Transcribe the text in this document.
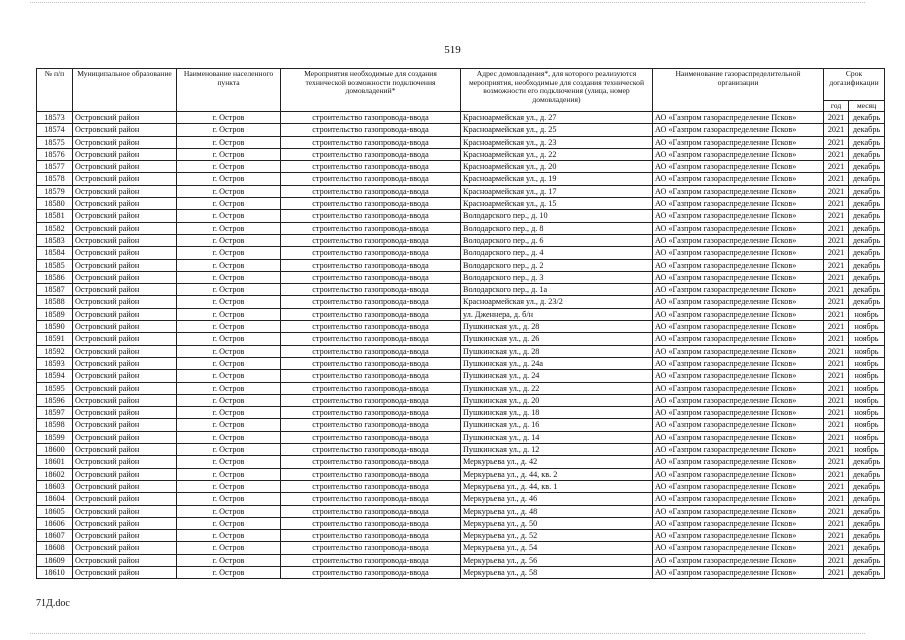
519
№ п/п	Муниципальное образование	Наименование населенного пункта	Мероприятия необходимые для создания технической возможности подключения домовладений*	Адрес домовладения*, для которого реализуются мероприятия, необходимые для создания технической возможности его подключения (улица, номер домовладения)	Наименование газораспределительной организации	Срок догазификации	
						год	месяц
18573	Островский район	г. Остров	строительство газопровода-ввода	Красноармейская ул., д. 27	АО «Газпром газораспределение Псков»	2021	декабрь
18574	Островский район	г. Остров	строительство газопровода-ввода	Красноармейская ул., д. 25	АО «Газпром газораспределение Псков»	2021	декабрь
18575	Островский район	г. Остров	строительство газопровода-ввода	Красноармейская ул., д. 23	АО «Газпром газораспределение Псков»	2021	декабрь
18576	Островский район	г. Остров	строительство газопровода-ввода	Красноармейская ул., д. 22	АО «Газпром газораспределение Псков»	2021	декабрь
18577	Островский район	г. Остров	строительство газопровода-ввода	Красноармейская ул., д. 20	АО «Газпром газораспределение Псков»	2021	декабрь
18578	Островский район	г. Остров	строительство газопровода-ввода	Красноармейская ул., д. 19	АО «Газпром газораспределение Псков»	2021	декабрь
18579	Островский район	г. Остров	строительство газопровода-ввода	Красноармейская ул., д. 17	АО «Газпром газораспределение Псков»	2021	декабрь
18580	Островский район	г. Остров	строительство газопровода-ввода	Красноармейская ул., д. 15	АО «Газпром газораспределение Псков»	2021	декабрь
18581	Островский район	г. Остров	строительство газопровода-ввода	Володарского пер., д. 10	АО «Газпром газораспределение Псков»	2021	декабрь
18582	Островский район	г. Остров	строительство газопровода-ввода	Володарского пер., д. 8	АО «Газпром газораспределение Псков»	2021	декабрь
18583	Островский район	г. Остров	строительство газопровода-ввода	Володарского пер., д. 6	АО «Газпром газораспределение Псков»	2021	декабрь
18584	Островский район	г. Остров	строительство газопровода-ввода	Володарского пер., д. 4	АО «Газпром газораспределение Псков»	2021	декабрь
18585	Островский район	г. Остров	строительство газопровода-ввода	Володарского пер., д. 2	АО «Газпром газораспределение Псков»	2021	декабрь
18586	Островский район	г. Остров	строительство газопровода-ввода	Володарского пер., д. 3	АО «Газпром газораспределение Псков»	2021	декабрь
18587	Островский район	г. Остров	строительство газопровода-ввода	Володарского пер., д. 1а	АО «Газпром газораспределение Псков»	2021	декабрь
18588	Островский район	г. Остров	строительство газопровода-ввода	Красноармейская ул., д. 23/2	АО «Газпром газораспределение Псков»	2021	декабрь
18589	Островский район	г. Остров	строительство газопровода-ввода	ул. Дженнера, д. б/н	АО «Газпром газораспределение Псков»	2021	ноябрь
18590	Островский район	г. Остров	строительство газопровода-ввода	Пушкинская ул., д. 28	АО «Газпром газораспределение Псков»	2021	ноябрь
18591	Островский район	г. Остров	строительство газопровода-ввода	Пушкинская ул., д. 26	АО «Газпром газораспределение Псков»	2021	ноябрь
18592	Островский район	г. Остров	строительство газопровода-ввода	Пушкинская ул., д. 28	АО «Газпром газораспределение Псков»	2021	ноябрь
18593	Островский район	г. Остров	строительство газопровода-ввода	Пушкинская ул., д. 24а	АО «Газпром газораспределение Псков»	2021	ноябрь
18594	Островский район	г. Остров	строительство газопровода-ввода	Пушкинская ул., д. 24	АО «Газпром газораспределение Псков»	2021	ноябрь
18595	Островский район	г. Остров	строительство газопровода-ввода	Пушкинская ул., д. 22	АО «Газпром газораспределение Псков»	2021	ноябрь
18596	Островский район	г. Остров	строительство газопровода-ввода	Пушкинская ул., д. 20	АО «Газпром газораспределение Псков»	2021	ноябрь
18597	Островский район	г. Остров	строительство газопровода-ввода	Пушкинская ул., д. 18	АО «Газпром газораспределение Псков»	2021	ноябрь
18598	Островский район	г. Остров	строительство газопровода-ввода	Пушкинская ул., д. 16	АО «Газпром газораспределение Псков»	2021	ноябрь
18599	Островский район	г. Остров	строительство газопровода-ввода	Пушкинская ул., д. 14	АО «Газпром газораспределение Псков»	2021	ноябрь
18600	Островский район	г. Остров	строительство газопровода-ввода	Пушкинская ул., д. 12	АО «Газпром газораспределение Псков»	2021	ноябрь
18601	Островский район	г. Остров	строительство газопровода-ввода	Меркурьева ул., д. 42	АО «Газпром газораспределение Псков»	2021	декабрь
18602	Островский район	г. Остров	строительство газопровода-ввода	Меркурьева ул., д. 44, кв. 2	АО «Газпром газораспределение Псков»	2021	декабрь
18603	Островский район	г. Остров	строительство газопровода-ввода	Меркурьева ул., д. 44, кв. 1	АО «Газпром газораспределение Псков»	2021	декабрь
18604	Островский район	г. Остров	строительство газопровода-ввода	Меркурьева ул., д. 46	АО «Газпром газораспределение Псков»	2021	декабрь
18605	Островский район	г. Остров	строительство газопровода-ввода	Меркурьева ул., д. 48	АО «Газпром газораспределение Псков»	2021	декабрь
18606	Островский район	г. Остров	строительство газопровода-ввода	Меркурьева ул., д. 50	АО «Газпром газораспределение Псков»	2021	декабрь
18607	Островский район	г. Остров	строительство газопровода-ввода	Меркурьева ул., д. 52	АО «Газпром газораспределение Псков»	2021	декабрь
18608	Островский район	г. Остров	строительство газопровода-ввода	Меркурьева ул., д. 54	АО «Газпром газораспределение Псков»	2021	декабрь
18609	Островский район	г. Остров	строительство газопровода-ввода	Меркурьева ул., д. 56	АО «Газпром газораспределение Псков»	2021	декабрь
18610	Островский район	г. Остров	строительство газопровода-ввода	Меркурьева ул., д. 58	АО «Газпром газораспределение Псков»	2021	декабрь
71Д.doc
